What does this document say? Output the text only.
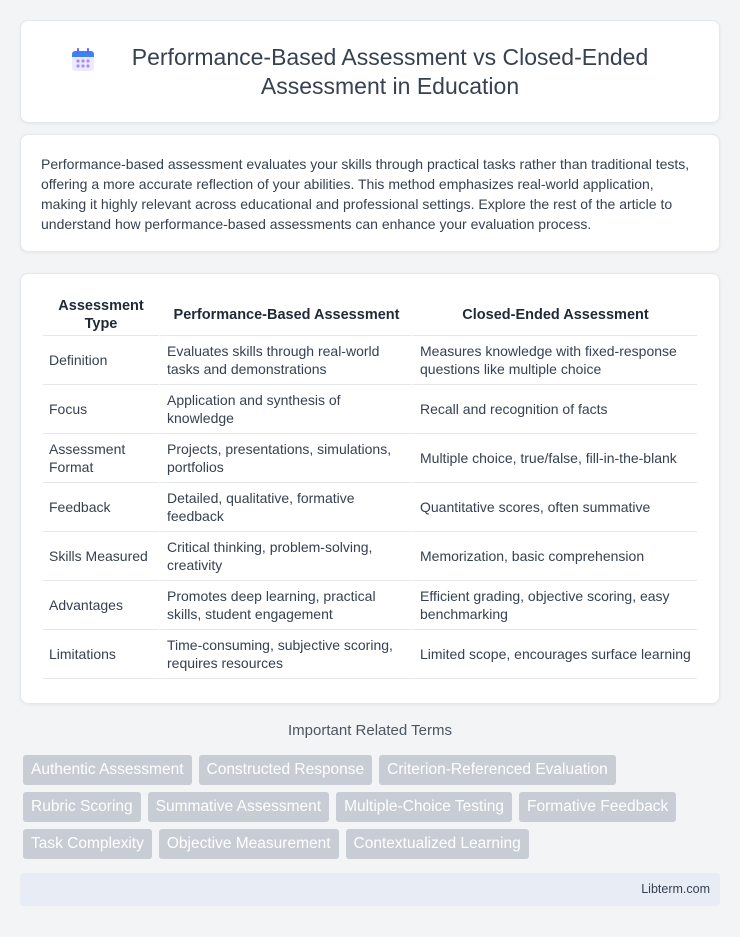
Performance-Based Assessment vs Closed-Ended Assessment in Education

Performance-based assessment evaluates your skills through practical tasks rather than traditional tests, offering a more accurate reflection of your abilities. This method emphasizes real-world application, making it highly relevant across educational and professional settings. Explore the rest of the article to understand how performance-based assessments can enhance your evaluation process.

Assessment Type	Performance-Based Assessment	Closed-Ended Assessment
Definition	Evaluates skills through real-world tasks and demonstrations	Measures knowledge with fixed-response questions like multiple choice
Focus	Application and synthesis of knowledge	Recall and recognition of facts
Assessment Format	Projects, presentations, simulations, portfolios	Multiple choice, true/false, fill-in-the-blank
Feedback	Detailed, qualitative, formative feedback	Quantitative scores, often summative
Skills Measured	Critical thinking, problem-solving, creativity	Memorization, basic comprehension
Advantages	Promotes deep learning, practical skills, student engagement	Efficient grading, objective scoring, easy benchmarking
Limitations	Time-consuming, subjective scoring, requires resources	Limited scope, encourages surface learning
Important Related Terms
Authentic Assessment	Constructed Response	Criterion-Referenced Evaluation
Rubric Scoring	Summative Assessment	Multiple-Choice Testing	Formative Feedback
Task Complexity	Objective Measurement	Contextualized Learning
Libterm.com
